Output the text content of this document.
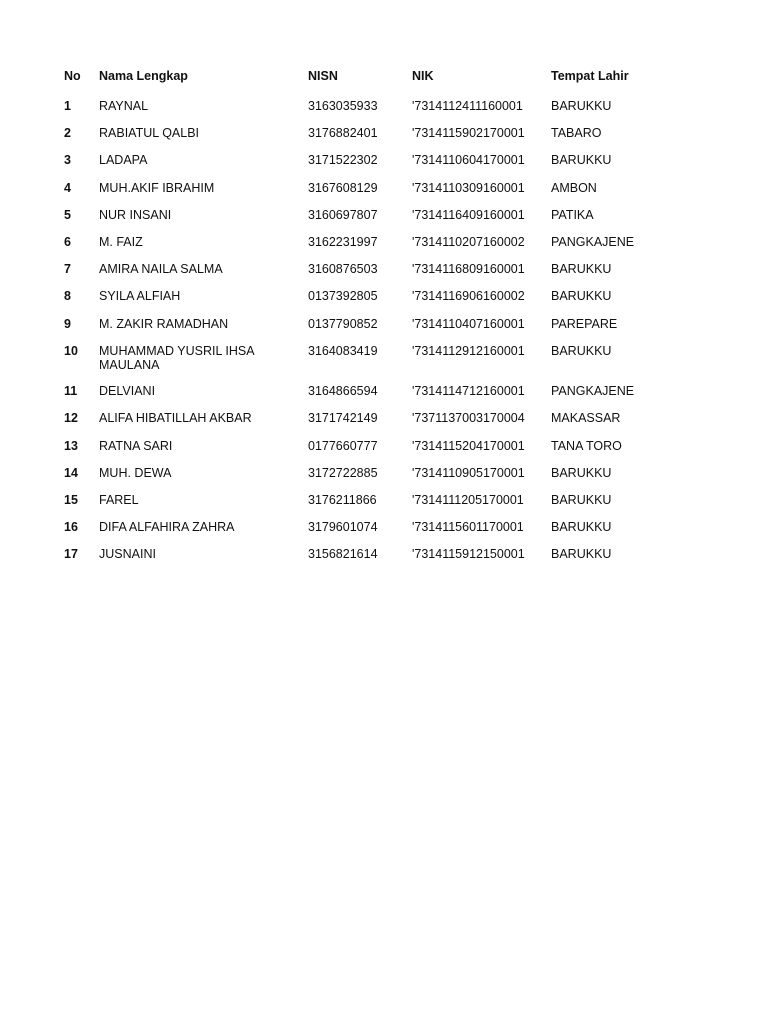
No	Nama Lengkap	NISN	NIK	Tempat Lahir
1	RAYNAL	3163035933	'7314112411160001	BARUKKU
2	RABIATUL QALBI	3176882401	'7314115902170001	TABARO
3	LADAPA	3171522302	'7314110604170001	BARUKKU
4	MUH.AKIF IBRAHIM	3167608129	'7314110309160001	AMBON
5	NUR INSANI	3160697807	'7314116409160001	PATIKA
6	M. FAIZ	3162231997	'7314110207160002	PANGKAJENE
7	AMIRA NAILA SALMA	3160876503	'7314116809160001	BARUKKU
8	SYILA ALFIAH	0137392805	'7314116906160002	BARUKKU
9	M. ZAKIR RAMADHAN	0137790852	'7314110407160001	PAREPARE
10	MUHAMMAD YUSRIL IHSA MAULANA	3164083419	'7314112912160001	BARUKKU
11	DELVIANI	3164866594	'7314114712160001	PANGKAJENE
12	ALIFA HIBATILLAH AKBAR	3171742149	'7371137003170004	MAKASSAR
13	RATNA SARI	0177660777	'7314115204170001	TANA TORO
14	MUH. DEWA	3172722885	'7314110905170001	BARUKKU
15	FAREL	3176211866	'7314111205170001	BARUKKU
16	DIFA ALFAHIRA ZAHRA	3179601074	'7314115601170001	BARUKKU
17	JUSNAINI	3156821614	'7314115912150001	BARUKKU
